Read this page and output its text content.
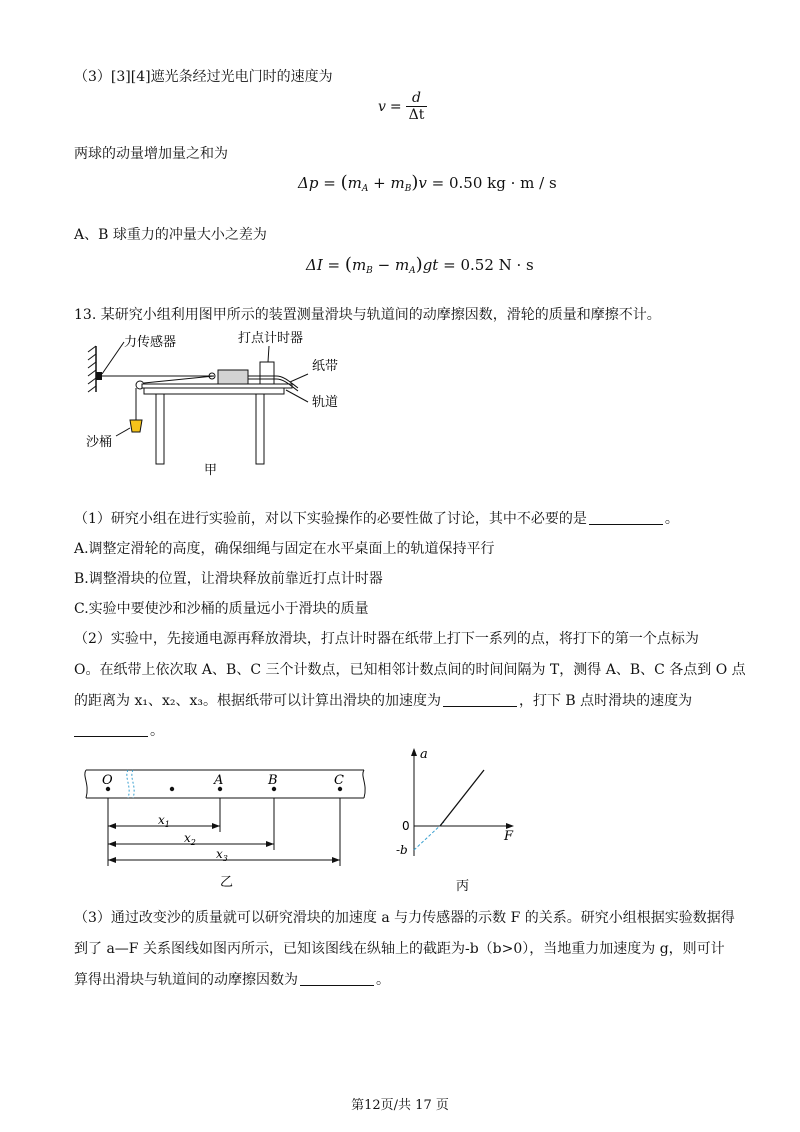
（3）[3][4]遮光条经过光电门时的速度为
$v = \frac{d}{\Delta t}$
两球的动量增加量之和为
$\Delta p = (m_A + m_B)v = 0.50$ kg · m / s
A、B 球重力的冲量大小之差为
$\Delta I = (m_B - m_A)gt = 0.52$ N · s
13. 某研究小组利用图甲所示的装置测量滑块与轨道间的动摩擦因数，滑轮的质量和摩擦不计。
力传感器	打点计时器
纸带
轨道
沙桶
甲
（1）研究小组在进行实验前，对以下实验操作的必要性做了讨论，其中不必要的是	。
A.调整定滑轮的高度，确保细绳与固定在水平桌面上的轨道保持平行
B.调整滑块的位置，让滑块释放前靠近打点计时器
C.实验中要使沙和沙桶的质量远小于滑块的质量
（2）实验中，先接通电源再释放滑块，打点计时器在纸带上打下一系列的点，将打下的第一个点标为
O。在纸带上依次取 A、B、C 三个计数点，已知相邻计数点间的时间间隔为 T，测得 A、B、C 各点到 O 点
的距离为 x₁、x₂、x₃。根据纸带可以计算出滑块的加速度为	，打下 B 点时滑块的速度为
。
O	A	B	C
$x_1$
$x_2$
$x_3$
乙
a
F
0
-b
丙
（3）通过改变沙的质量就可以研究滑块的加速度 a 与力传感器的示数 F 的关系。研究小组根据实验数据得
到了 a—F 关系图线如图丙所示，已知该图线在纵轴上的截距为-b（b>0），当地重力加速度为 g，则可计
算得出滑块与轨道间的动摩擦因数为	。
第12页/共 17 页
